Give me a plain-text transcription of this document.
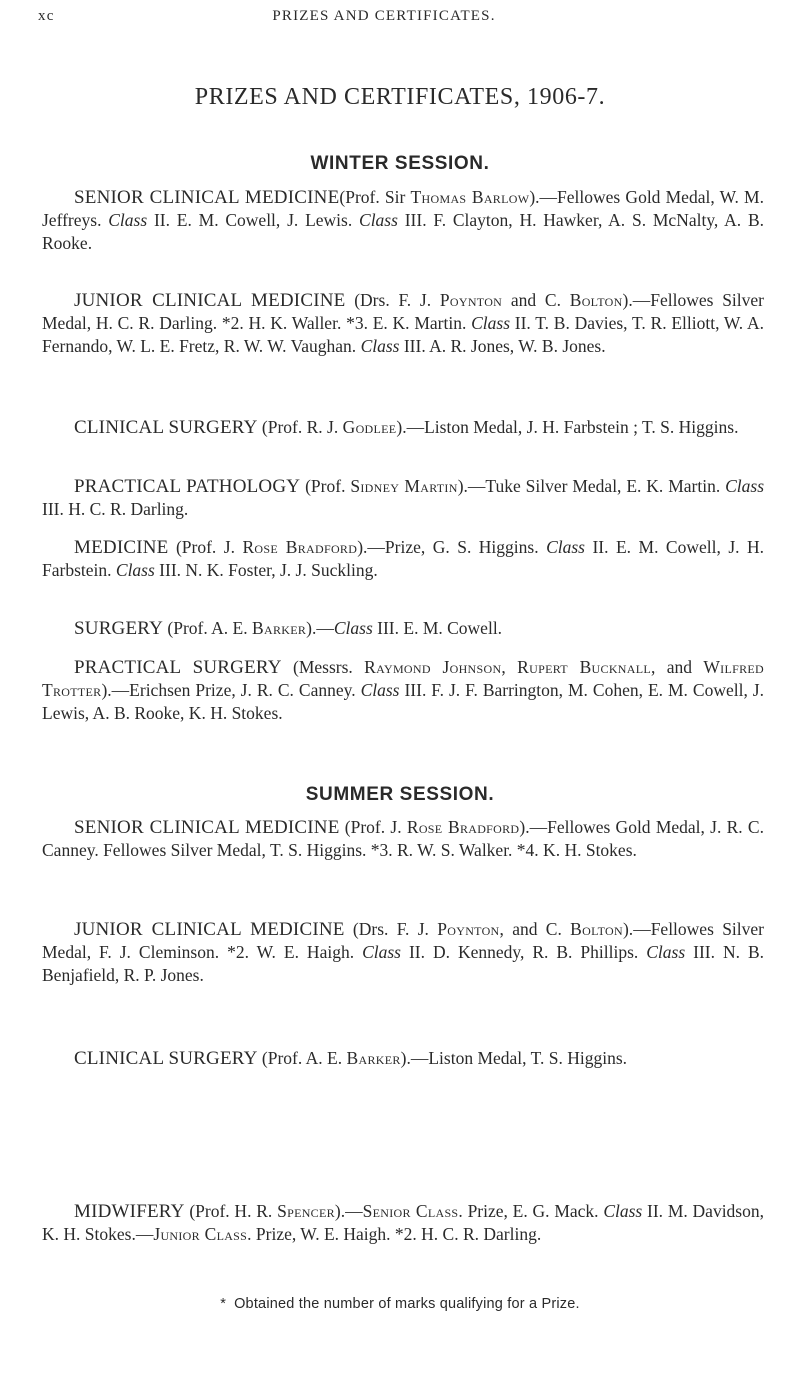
xc	PRIZES AND CERTIFICATES.
PRIZES AND CERTIFICATES, 1906-7.
WINTER SESSION.

SENIOR CLINICAL MEDICINE(Prof. Sir Thomas Barlow).—Fellowes Gold Medal, W. M. Jeffreys. Class II. E. M. Cowell, J. Lewis. Class III. F. Clayton, H. Hawker, A. S. McNalty, A. B. Rooke.

JUNIOR CLINICAL MEDICINE (Drs. F. J. Poynton and C. Bolton).—Fellowes Silver Medal, H. C. R. Darling. *2. H. K. Waller. *3. E. K. Martin. Class II. T. B. Davies, T. R. Elliott, W. A. Fernando, W. L. E. Fretz, R. W. W. Vaughan. Class III. A. R. Jones, W. B. Jones.

CLINICAL SURGERY (Prof. R. J. Godlee).—Liston Medal, J. H. Farbstein ; T. S. Higgins.

PRACTICAL PATHOLOGY (Prof. Sidney Martin).—Tuke Silver Medal, E. K. Martin. Class III. H. C. R. Darling.

MEDICINE (Prof. J. Rose Bradford).—Prize, G. S. Higgins. Class II. E. M. Cowell, J. H. Farbstein. Class III. N. K. Foster, J. J. Suckling.

SURGERY (Prof. A. E. Barker).—Class III. E. M. Cowell.

PRACTICAL SURGERY (Messrs. Raymond Johnson, Rupert Bucknall, and Wilfred Trotter).—Erichsen Prize, J. R. C. Canney. Class III. F. J. F. Barrington, M. Cohen, E. M. Cowell, J. Lewis, A. B. Rooke, K. H. Stokes.

SUMMER SESSION.

SENIOR CLINICAL MEDICINE (Prof. J. Rose Bradford).—Fellowes Gold Medal, J. R. C. Canney. Fellowes Silver Medal, T. S. Higgins. *3. R. W. S. Walker. *4. K. H. Stokes.

JUNIOR CLINICAL MEDICINE (Drs. F. J. Poynton, and C. Bolton).—Fellowes Silver Medal, F. J. Cleminson. *2. W. E. Haigh. Class II. D. Kennedy, R. B. Phillips. Class III. N. B. Benjafield, R. P. Jones.

CLINICAL SURGERY (Prof. A. E. Barker).—Liston Medal, T. S. Higgins.

MIDWIFERY (Prof. H. R. Spencer).—Senior Class. Prize, E. G. Mack. Class II. M. Davidson, K. H. Stokes.—Junior Class. Prize, W. E. Haigh. *2. H. C. R. Darling.

* Obtained the number of marks qualifying for a Prize.
